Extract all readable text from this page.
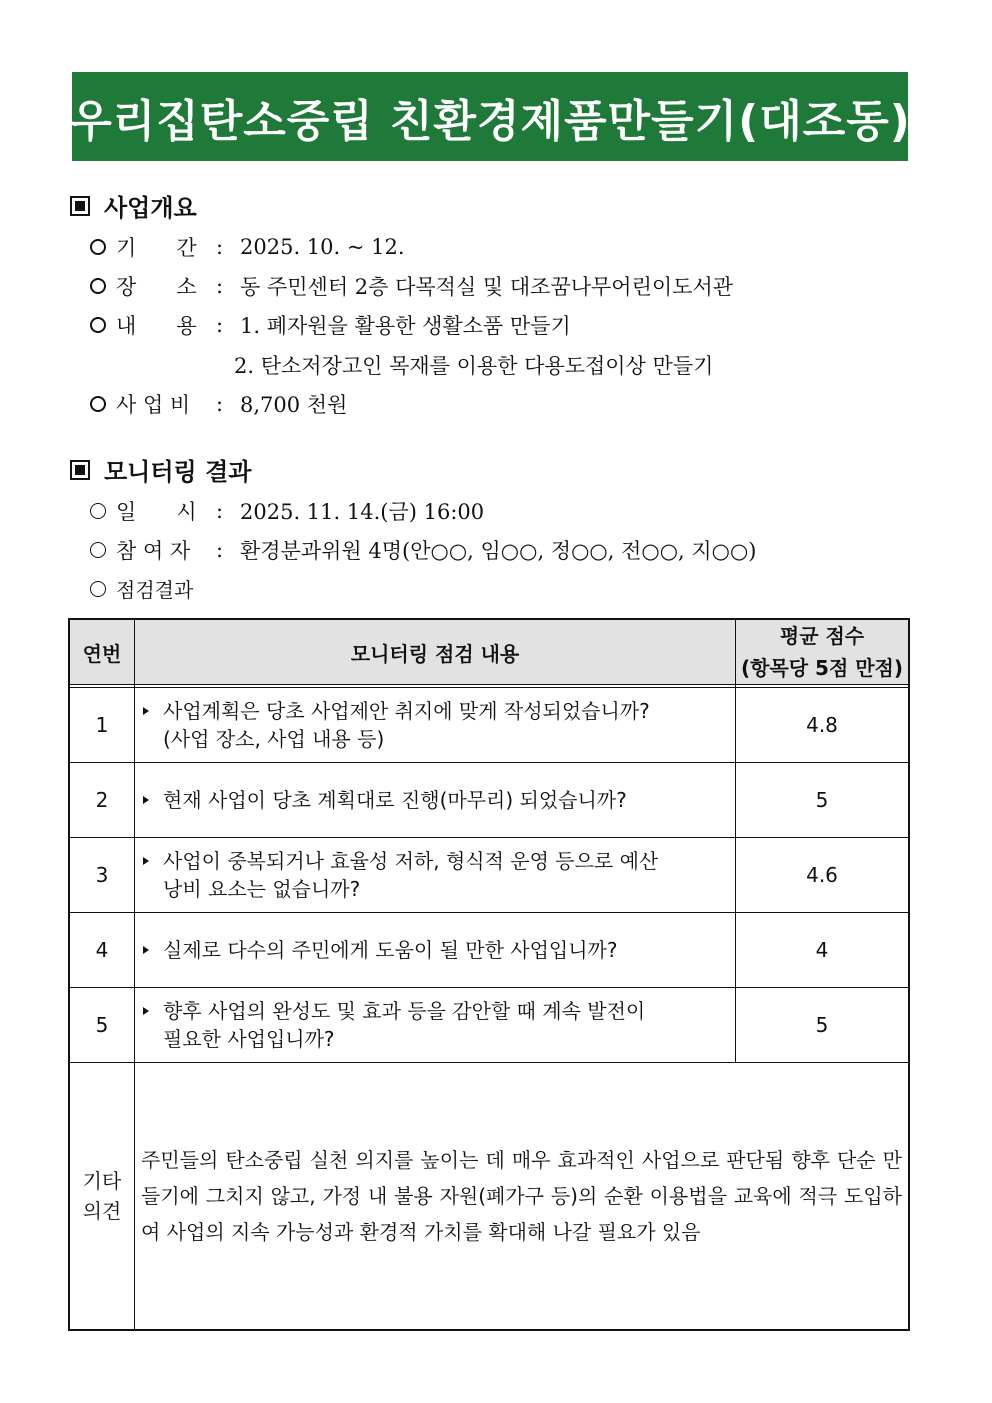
우리집탄소중립 친환경제품만들기(대조동)
사업개요
기      간 : 2025. 10. ~ 12.
장      소 : 동 주민센터 2층 다목적실 및 대조꿈나무어린이도서관
내      용 : 1. 폐자원을 활용한 생활소품 만들기
2. 탄소저장고인 목재를 이용한 다용도접이상 만들기
사 업 비	: 8,700 천원
모니터링 결과
일      시 : 2025. 11. 14.(금) 16:00
참 여 자	: 환경분과위원 4명(안○○, 임○○, 정○○, 전○○, 지○○)
점검결과
연번	모니터링 점검 내용	평균 점수
(항목당 5점 만점)

1	사업계획은 당초 사업제안 취지에 맞게 작성되었습니까?
(사업 장소, 사업 내용 등)	4.8
2	현재 사업이 당초 계획대로 진행(마무리) 되었습니까?	5
3	사업이 중복되거나 효율성 저하, 형식적 운영 등으로 예산
낭비 요소는 없습니까?	4.6
4	실제로 다수의 주민에게 도움이 될 만한 사업입니까?	4
5	향후 사업의 완성도 및 효과 등을 감안할 때 계속 발전이
필요한 사업입니까?	5

기타
의견	주민들의 탄소중립 실천 의지를 높이는 데 매우 효과적인 사업으로 판단됨 향후 단순 만들기에 그치지 않고, 가정 내 불용 자원(폐가구 등)의 순환 이용법을 교육에 적극 도입하여 사업의 지속 가능성과 환경적 가치를 확대해 나갈 필요가 있음	
